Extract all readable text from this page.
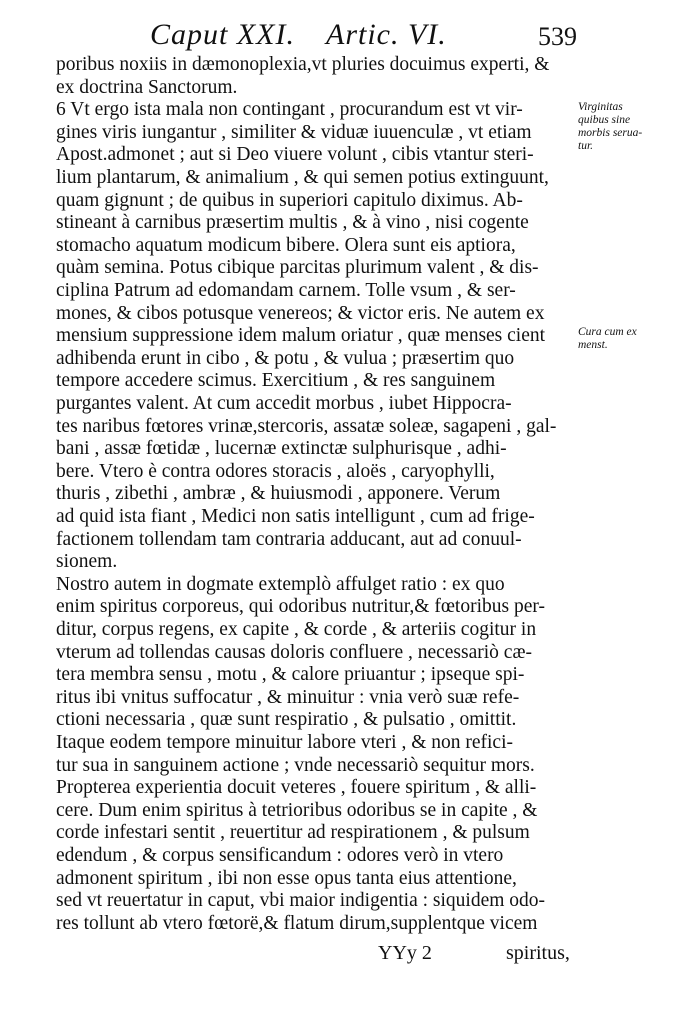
Caput XXI. Artic. VI.	539
poribus noxiis in dæmonoplexia,vt pluries docuimus experti, &
ex doctrina Sanctorum.
6 Vt ergo ista mala non contingant , procurandum est vt vir-
gines viris iungantur , similiter & viduæ iuuenculæ , vt etiam
Apost.admonet ; aut si Deo viuere volunt , cibis vtantur steri-
lium plantarum, & animalium , & qui semen potius extinguunt,
quam gignunt ; de quibus in superiori capitulo diximus. Ab-
stineant à carnibus præsertim multis , & à vino , nisi cogente
stomacho aquatum modicum bibere. Olera sunt eis aptiora,
quàm semina. Potus cibique parcitas plurimum valent , & dis-
ciplina Patrum ad edomandam carnem. Tolle vsum , & ser-
mones, & cibos potusque venereos; & victor eris. Ne autem ex
mensium suppressione idem malum oriatur , quæ menses cient
adhibenda erunt in cibo , & potu , & vulua ; præsertim quo
tempore accedere scimus. Exercitium , & res sanguinem
purgantes valent. At cum accedit morbus , iubet Hippocra-
tes naribus fœtores vrinæ,stercoris, assatæ soleæ, sagapeni , gal-
bani , assæ fœtidæ , lucernæ extinctæ sulphurisque , adhi-
bere. Vtero è contra odores storacis , aloës , caryophylli,
thuris , zibethi , ambræ , & huiusmodi , apponere. Verum
ad quid ista fiant , Medici non satis intelligunt , cum ad frige-
factionem tollendam tam contraria adducant, aut ad conuul-
sionem.
Nostro autem in dogmate extemplò affulget ratio : ex quo
enim spiritus corporeus, qui odoribus nutritur,& fœtoribus per-
ditur, corpus regens, ex capite , & corde , & arteriis cogitur in
vterum ad tollendas causas doloris confluere , necessariò cæ-
tera membra sensu , motu , & calore priuantur ; ipseque spi-
ritus ibi vnitus suffocatur , & minuitur : vnia verò suæ refe-
ctioni necessaria , quæ sunt respiratio , & pulsatio , omittit.
Itaque eodem tempore minuitur labore vteri , & non refici-
tur sua in sanguinem actione ; vnde necessariò sequitur mors.
Propterea experientia docuit veteres , fouere spiritum , & alli-
cere. Dum enim spiritus à tetrioribus odoribus se in capite , &
corde infestari sentit , reuertitur ad respirationem , & pulsum
edendum , & corpus sensificandum : odores verò in vtero
admonent spiritum , ibi non esse opus tanta eius attentione,
sed vt reuertatur in caput, vbi maior indigentia : siquidem odo-
res tollunt ab vtero fœtorë,& flatum dirum,supplentque vicem
Virginitas
quibus sine
morbis serua-
tur.
Cura cum ex
menst.
YYy 2	spiritus,
